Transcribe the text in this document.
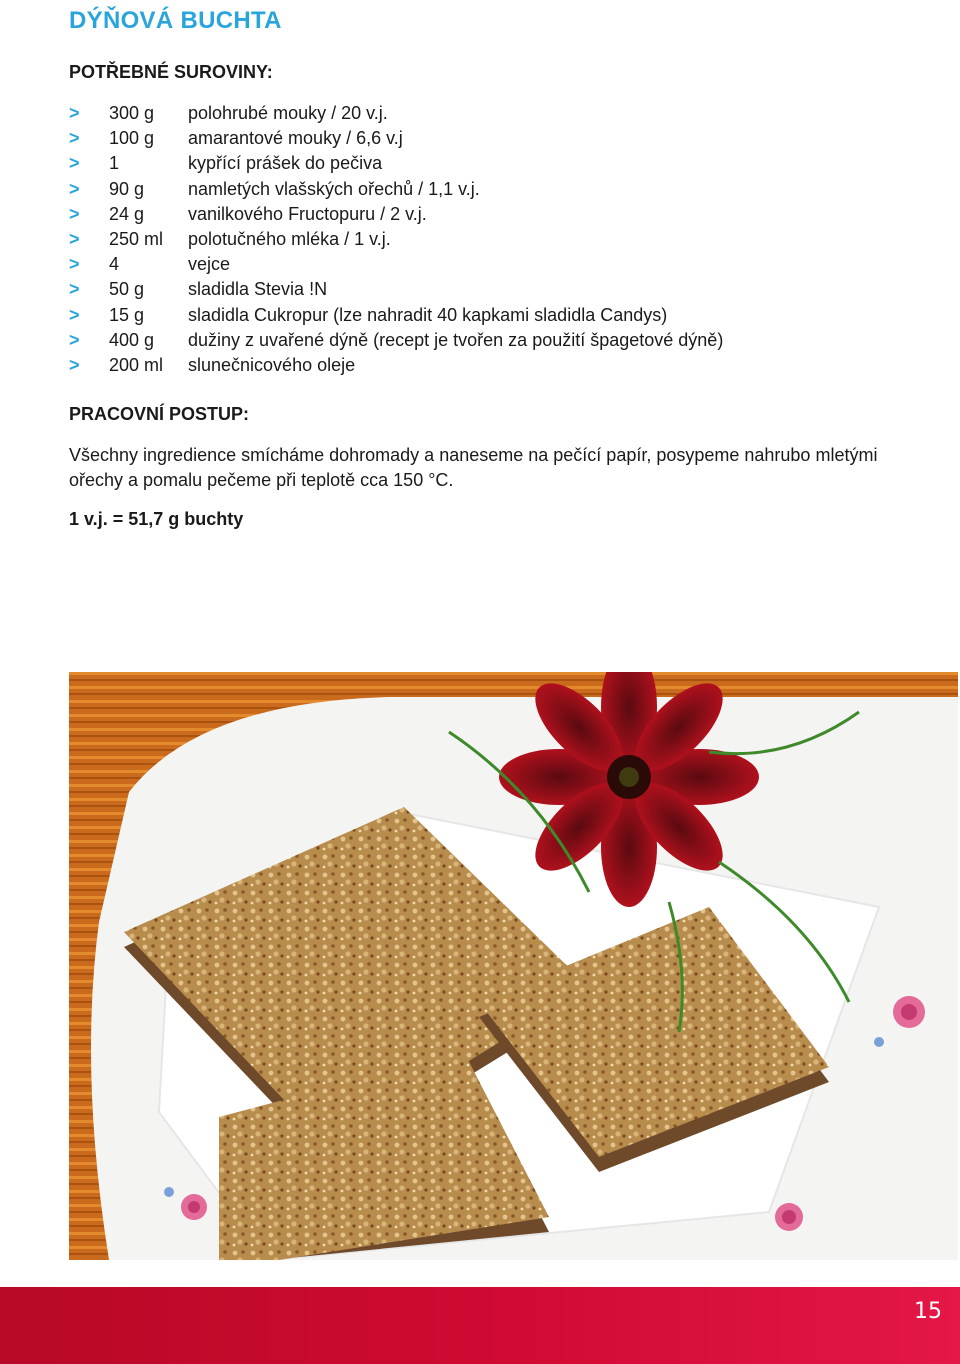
DÝŇOVÁ BUCHTA
POTŘEBNÉ SUROVINY:
> 300 g polohrubé mouky / 20 v.j.
> 100 g amarantové mouky / 6,6 v.j
> 1	kypřící prášek do pečiva
> 90 g namletých vlašských ořechů / 1,1 v.j.
> 24 g vanilkového Fructopuru / 2 v.j.
> 250 ml polotučného mléka / 1 v.j.
> 4	vejce
> 50 g sladidla Stevia !N
> 15 g sladidla Cukropur (lze nahradit 40 kapkami sladidla Candys)
> 400 g dužiny z uvařené dýně (recept je tvořen za použití špagetové dýně)
> 200 ml slunečnicového oleje
PRACOVNÍ POSTUP:

Všechny ingredience smícháme dohromady a naneseme na pečící papír, posypeme nahrubo mletými
ořechy a pomalu pečeme při teplotě cca 150 °C.

1 v.j. = 51,7 g buchty
15
